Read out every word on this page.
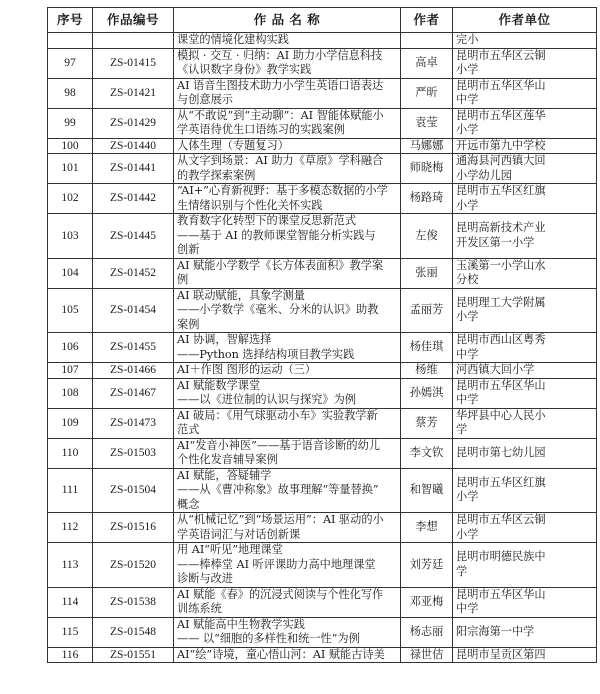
序号	作品编号	作 品 名 称	作者	作者单位

		课堂的情境化建构实践		完小

97	ZS-01415	模拟 · 交互 · 归纳：AI 助力小学信息科技
《认识数字身份》教学实践	高卓	昆明市五华区云铜
小学

98	ZS-01421	AI 语音生图技术助力小学生英语口语表达
与创意展示	严昕	昆明市五华区华山
中学

99	ZS-01429	从“不敢说”到“主动聊”：AI 智能体赋能小
学英语待优生口语练习的实践案例	袁莹	昆明市五华区莲华
小学

100	ZS-01440	人体生理（专题复习）	马娜娜	开远市第九中学校

101	ZS-01441	从文字到场景：AI 助力《草原》学科融合
的教学探索案例	师晓梅	通海县河西镇大回
小学幼儿园

102	ZS-01442	“AI+”心育新视野：基于多模态数据的小学
生情绪识别与个性化关怀实践	杨路琦	昆明市五华区红旗
小学

103	ZS-01445	教育数字化转型下的课堂反思新范式
——基于 AI 的教师课堂智能分析实践与
创新	左俊	昆明高新技术产业
开发区第一小学

104	ZS-01452	AI 赋能小学数学《长方体表面积》教学案
例	张丽	玉溪第一小学山水
分校

105	ZS-01454	AI 联动赋能，具象学测量
——小学数学《毫米、分米的认识》助教
案例	孟丽芳	昆明理工大学附属
小学

106	ZS-01455	AI 协调，智解选择
——Python 选择结构项目教学实践	杨佳琪	昆明市西山区粤秀
中学

107	ZS-01466	AI＋作图 图形的运动（三）	杨维	河西镇大回小学

108	ZS-01467	AI 赋能数学课堂
——以《进位制的认识与探究》为例	孙嫣淇	昆明市五华区华山
中学

109	ZS-01473	AI 破局：《用气球驱动小车》实验教学新
范式	蔡芳	华坪县中心人民小
学

110	ZS-01503	AI“发音小神医”——基于语音诊断的幼儿
个性化发音辅导案例	李文钦	昆明市第七幼儿园

111	ZS-01504	AI 赋能，答疑辅学
——从《曹冲称象》故事理解“等量替换”
概念	和智曦	昆明市五华区红旗
小学

112	ZS-01516	从“机械记忆”到“场景运用”：AI 驱动的小
学英语词汇与对话创新课	李想	昆明市五华区云铜
小学

113	ZS-01520	用 AI“听见”地理课堂
——棒棒堂 AI 听评课助力高中地理课堂
诊断与改进	刘芳廷	昆明市明德民族中
学

114	ZS-01538	AI 赋能《春》的沉浸式阅读与个性化写作
训练系统	邓亚梅	昆明市五华区华山
中学

115	ZS-01548	AI 赋能高中生物教学实践
—— 以“细胞的多样性和统一性”为例	杨志丽	阳宗海第一中学

116	ZS-01551	AI“绘”诗境，童心悟山河：AI 赋能古诗美	禄世佶	昆明市呈贡区第四
